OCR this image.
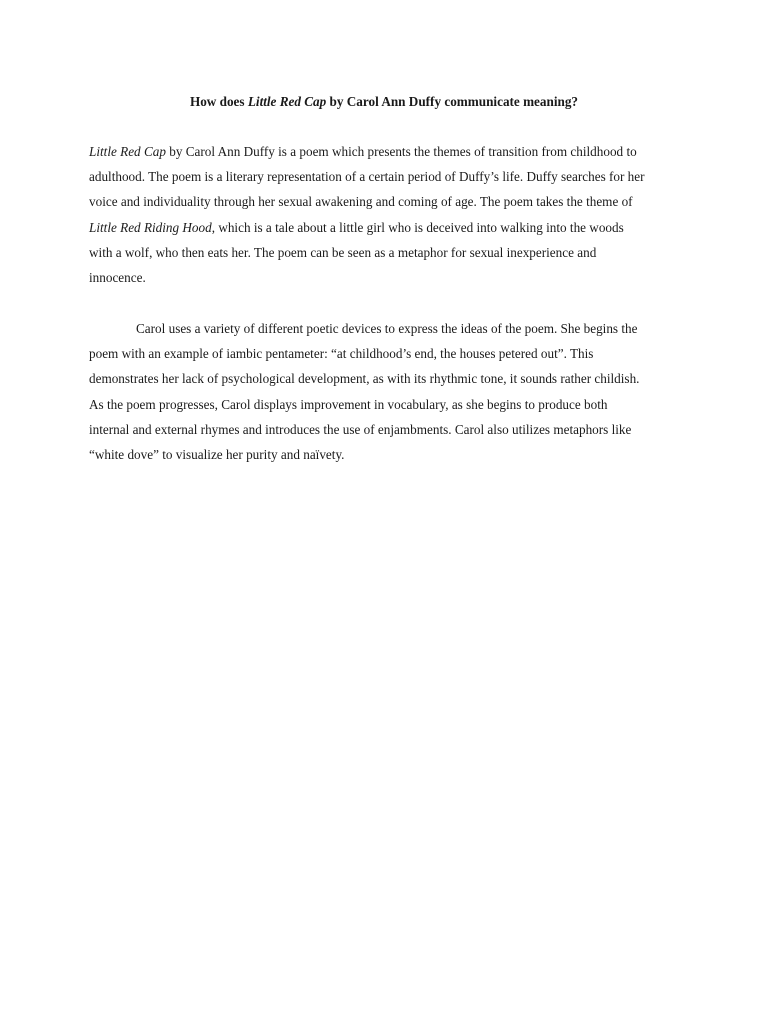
How does Little Red Cap by Carol Ann Duffy communicate meaning?

Little Red Cap by Carol Ann Duffy is a poem which presents the themes of transition from childhood to
adulthood. The poem is a literary representation of a certain period of Duffy’s life. Duffy searches for her
voice and individuality through her sexual awakening and coming of age. The poem takes the theme of
Little Red Riding Hood, which is a tale about a little girl who is deceived into walking into the woods
with a wolf, who then eats her. The poem can be seen as a metaphor for sexual inexperience and
innocence.

Carol uses a variety of different poetic devices to express the ideas of the poem. She begins the
poem with an example of iambic pentameter: “at childhood’s end, the houses petered out”. This
demonstrates her lack of psychological development, as with its rhythmic tone, it sounds rather childish.
As the poem progresses, Carol displays improvement in vocabulary, as she begins to produce both
internal and external rhymes and introduces the use of enjambments. Carol also utilizes metaphors like
“white dove” to visualize her purity and naïvety.
